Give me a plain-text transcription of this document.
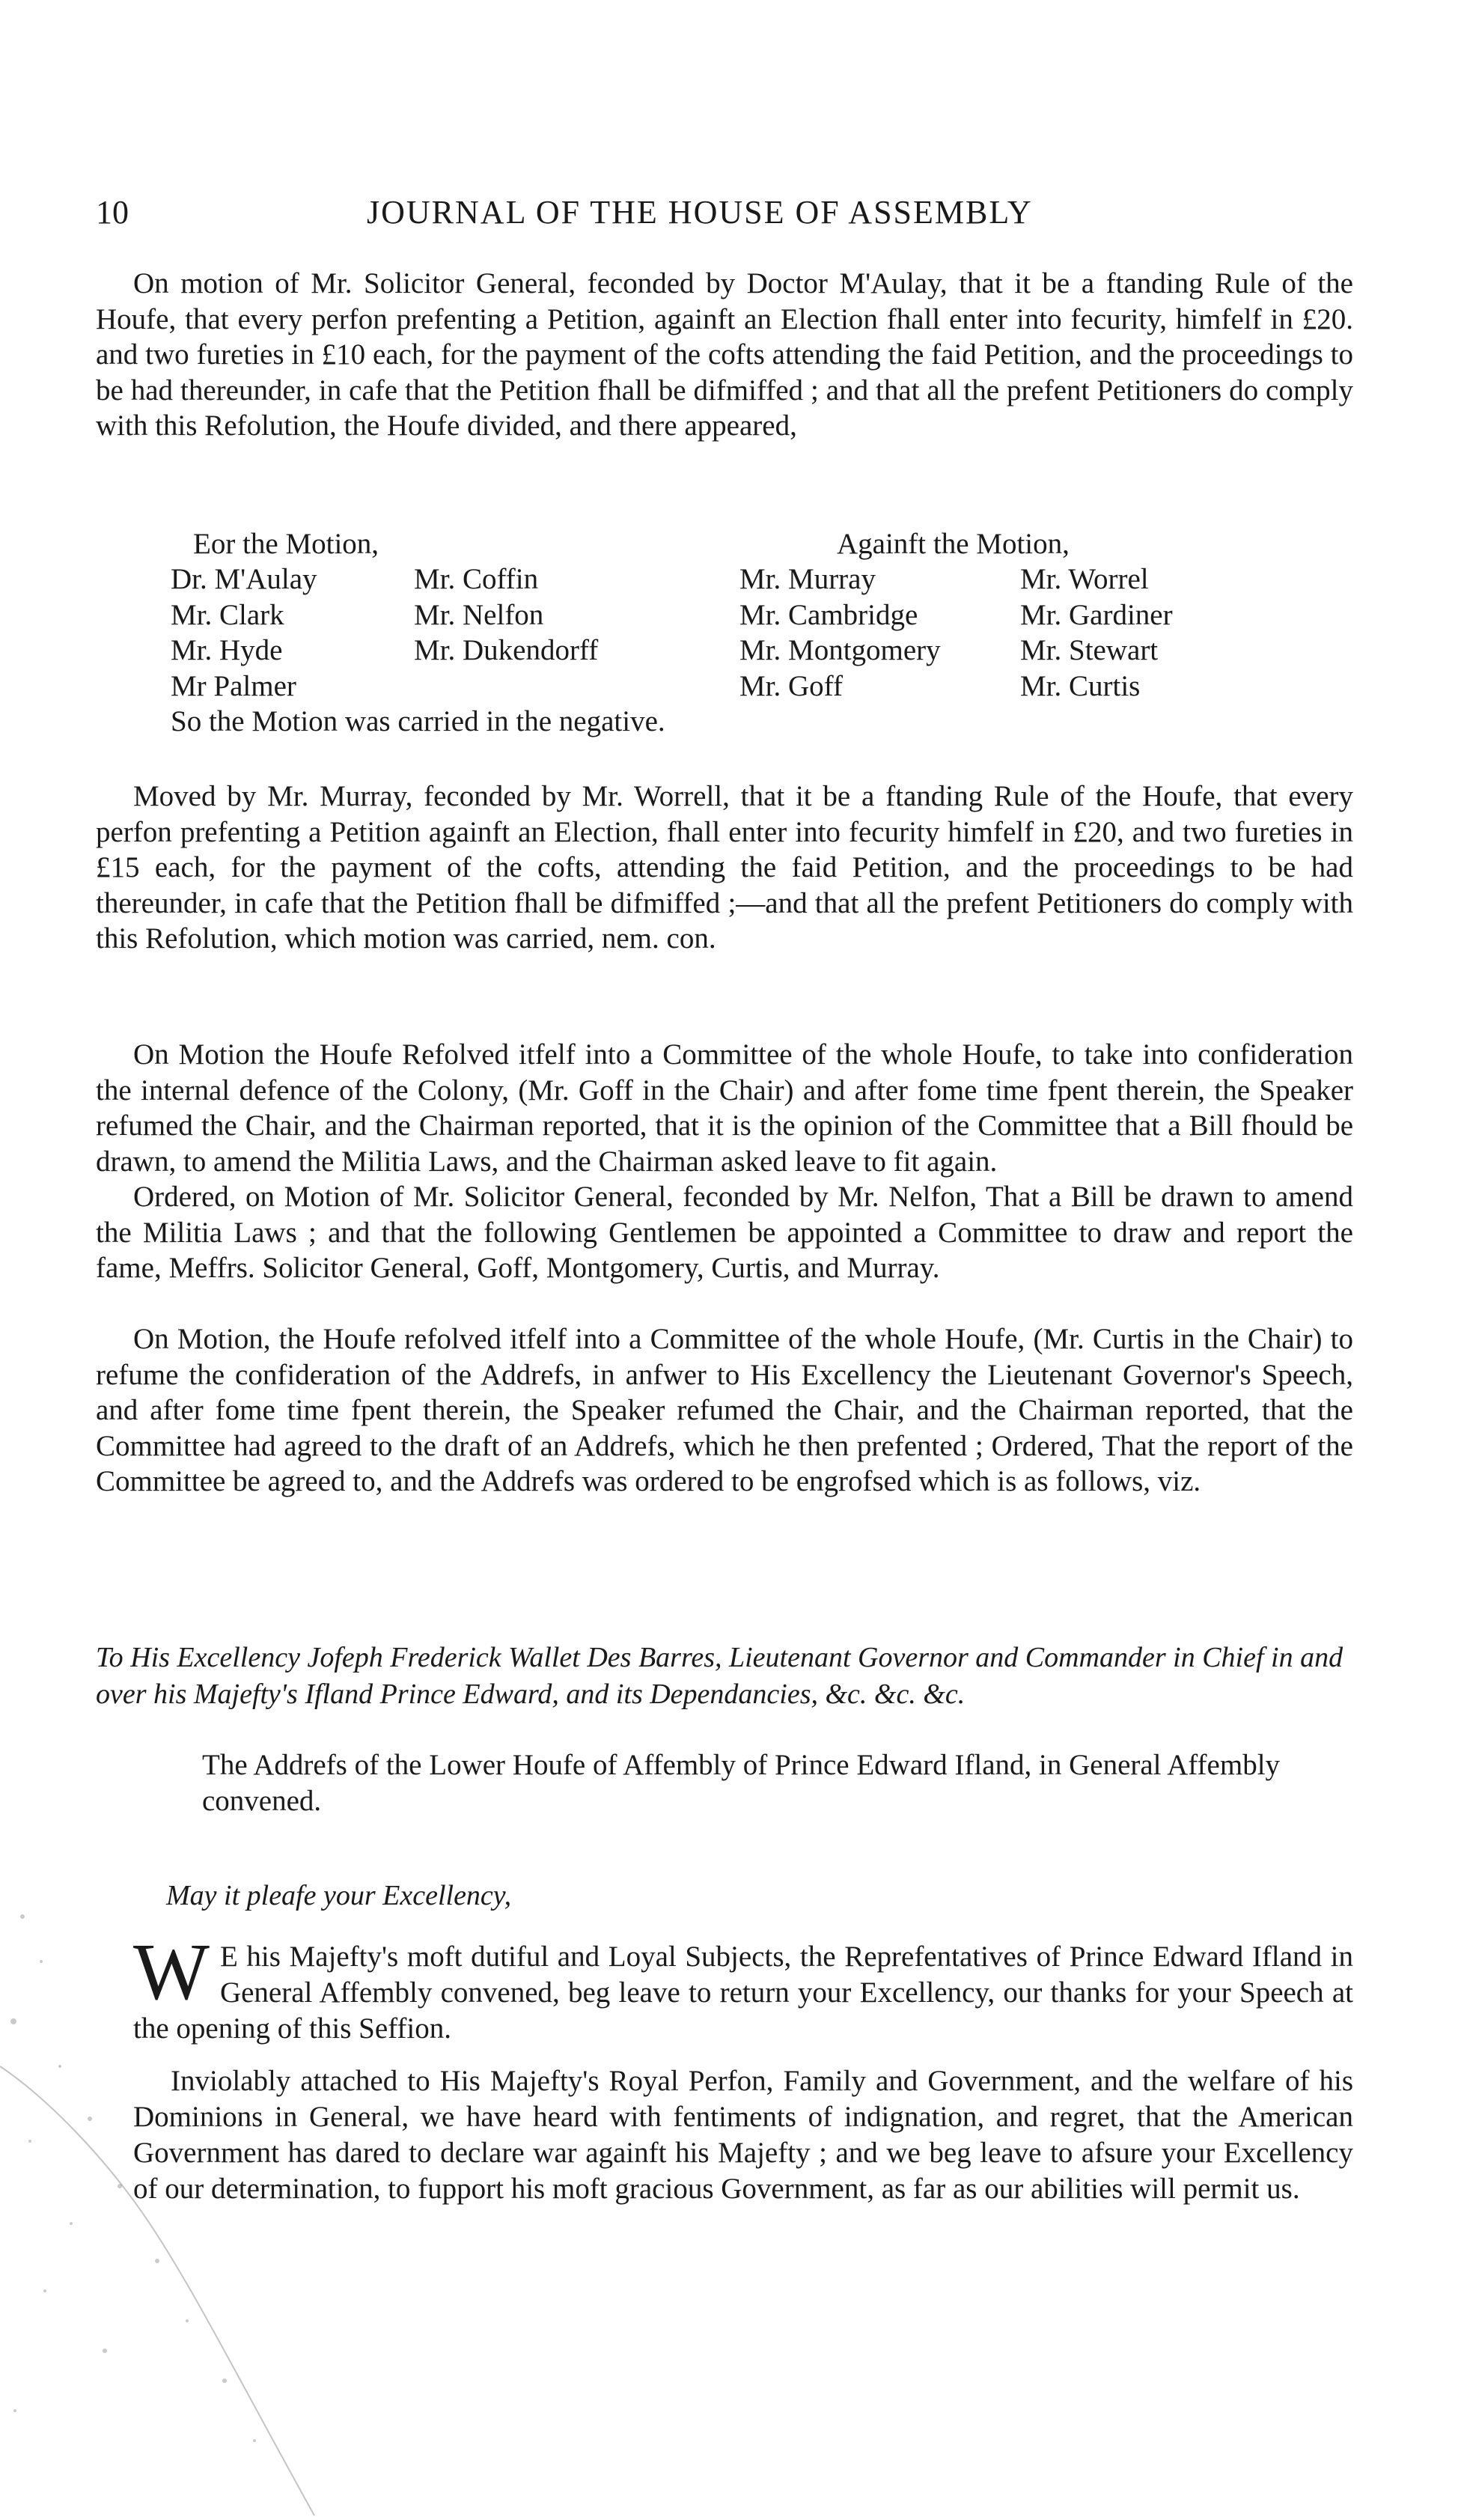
10	JOURNAL OF THE HOUSE OF ASSEMBLY

On motion of Mr. Solicitor General, feconded by Doctor M'Aulay, that it be a ftanding Rule of the Houfe, that every perfon prefenting a Petition, againft an Election fhall enter into fecurity, himfelf in £20. and two fureties in £10 each, for the payment of the cofts attending the faid Petition, and the proceedings to be had thereunder, in cafe that the Petition fhall be difmiffed ; and that all the prefent Petitioners do comply with this Refolution, the Houfe divided, and there appeared,

Eor the Motion,	Againft the Motion,
Dr. M'Aulay
Mr. Clark
Mr. Hyde
Mr Palmer
Mr. Coffin
Mr. Nelfon
Mr. Dukendorff
Mr. Murray
Mr. Cambridge
Mr. Montgomery
Mr. Goff
Mr. Worrel
Mr. Gardiner
Mr. Stewart
Mr. Curtis
So the Motion was carried in the negative.

Moved by Mr. Murray, feconded by Mr. Worrell, that it be a ftanding Rule of the Houfe, that every perfon prefenting a Petition againft an Election, fhall enter into fecurity himfelf in £20, and two fureties in £15 each, for the payment of the cofts, attending the faid Petition, and the proceedings to be had thereunder, in cafe that the Petition fhall be difmiffed ;—and that all the prefent Petitioners do comply with this Refolution, which motion was carried, nem. con.

On Motion the Houfe Refolved itfelf into a Committee of the whole Houfe, to take into confideration the internal defence of the Colony, (Mr. Goff in the Chair) and after fome time fpent therein, the Speaker refumed the Chair, and the Chairman reported, that it is the opinion of the Committee that a Bill fhould be drawn, to amend the Militia Laws, and the Chairman asked leave to fit again.

Ordered, on Motion of Mr. Solicitor General, feconded by Mr. Nelfon, That a Bill be drawn to amend the Militia Laws ; and that the following Gentlemen be appointed a Committee to draw and report the fame, Meffrs. Solicitor General, Goff, Montgomery, Curtis, and Murray.

On Motion, the Houfe refolved itfelf into a Committee of the whole Houfe, (Mr. Curtis in the Chair) to refume the confideration of the Addrefs, in anfwer to His Excellency the Lieutenant Governor's Speech, and after fome time fpent therein, the Speaker refumed the Chair, and the Chairman reported, that the Committee had agreed to the draft of an Addrefs, which he then prefented ; Ordered, That the report of the Committee be agreed to, and the Addrefs was ordered to be engrofsed which is as follows, viz.

To His Excellency Jofeph Frederick Wallet Des Barres, Lieutenant Governor and Commander in Chief in and over his Majefty's Ifland Prince Edward, and its Dependancies, &c. &c. &c.
The Addrefs of the Lower Houfe of Affembly of Prince Edward Ifland, in General Affembly convened.
May it pleafe your Excellency,

W E his Majefty's moft dutiful and Loyal Subjects, the Reprefentatives of Prince Edward Ifland in General Affembly convened, beg leave to return your Excellency, our thanks for your Speech at the opening of this Seffion.

Inviolably attached to His Majefty's Royal Perfon, Family and Government, and the welfare of his Dominions in General, we have heard with fentiments of indignation, and regret, that the American Government has dared to declare war againft his Majefty ; and we beg leave to afsure your Excellency of our determination, to fupport his moft gracious Government, as far as our abilities will permit us.
